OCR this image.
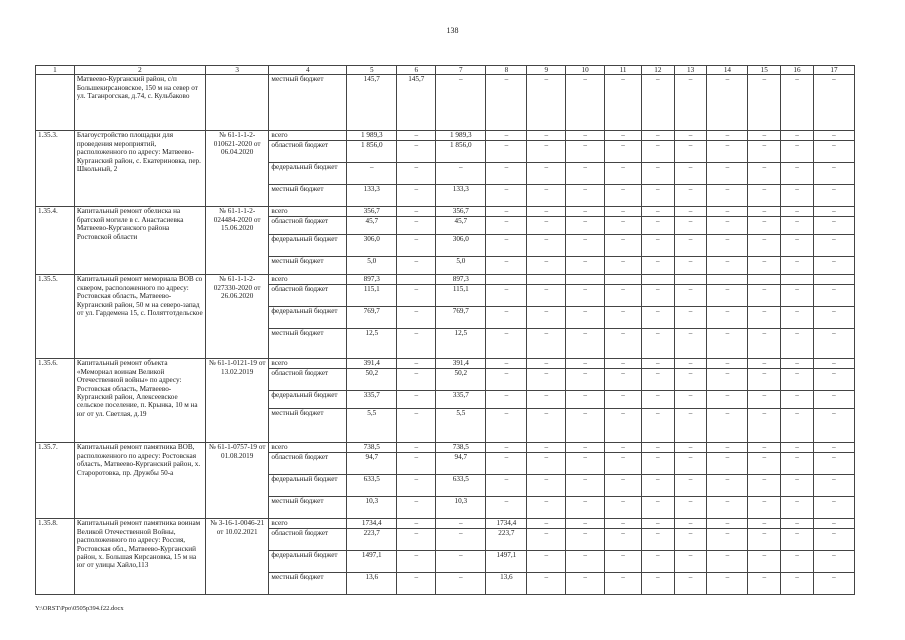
138
1	2	3	4	5	6	7	8	9	10	11	12	13	14	15	16	17
	Матвеево-Курганский район, с/п Большекирсановское, 150 м на север от ул. Таганрогская, д.74, с. Кульбаково		местный бюджет	145,7	145,7	–	–	–	–	–	–	–	–	–	–	–
1.35.3.	Благоустройство площадки для проведения мероприятий, расположенного по адресу: Матвеево-Курганский район, с. Екатериновка, пер. Школьный, 2	№ 61-1-1-2-010621-2020 от 06.04.2020	всего	1 989,3	–	1 989,3	–	–	–	–	–	–	–	–	–	–
			областной бюджет	1 856,0	–	1 856,0	–	–	–	–	–	–	–	–	–	–
			федеральный бюджет	–	–	–	–	–	–	–	–	–	–	–	–	–
			местный бюджет	133,3	–	133,3	–	–	–	–	–	–	–	–	–	–
1.35.4.	Капитальный ремонт обелиска на братской могиле в с. Анастасиевка Матвеево-Курганского района Ростовской области	№ 61-1-1-2-024484-2020 от 15.06.2020	всего	356,7	–	356,7	–	–	–	–	–	–	–	–	–	–
			областной бюджет	45,7	–	45,7	–	–	–	–	–	–	–	–	–	–
			федеральный бюджет	306,0	–	306,0	–	–	–	–	–	–	–	–	–	–
			местный бюджет	5,0	–	5,0	–	–	–	–	–	–	–	–	–	–
1.35.5.	Капитальный ремонт мемориала ВОВ со сквером, расположенного по адресу: Ростовская область, Матвеево-Курганский район, 50 м на северо-запад от ул. Гардемена 15, с. Поляттотдельское	№ 61-1-1-2-027330-2020 от 26.06.2020	всего	897,3		897,3										
			областной бюджет	115,1	–	115,1	–	–	–	–	–	–	–	–	–	–
			федеральный бюджет	769,7	–	769,7	–	–	–	–	–	–	–	–	–	–
			местный бюджет	12,5	–	12,5	–	–	–	–	–	–	–	–	–	–
1.35.6.	Капитальный ремонт объекта «Мемориал воинам Великой Отечественной войны» по адресу: Ростовская область, Матвеево-Курганский район, Алексеевское сельское поселение, п. Крынка, 10 м на юг от ул. Светлая, д.19	№ 61-1-0121-19 от 13.02.2019	всего	391,4	–	391,4	–	–	–	–	–	–	–	–	–	–
			областной бюджет	50,2	–	50,2	–	–	–	–	–	–	–	–	–	–
			федеральный бюджет	335,7	–	335,7	–	–	–	–	–	–	–	–	–	–
			местный бюджет	5,5	–	5,5	–	–	–	–	–	–	–	–	–	–
1.35.7.	Капитальный ремонт памятника ВОВ, расположенного по адресу: Ростовская область, Матвеево-Курганский район, х. Староротовка, пр. Дружбы 50-а	№ 61-1-0757-19 от 01.08.2019	всего	738,5	–	738,5	–	–	–	–	–	–	–	–	–	–
			областной бюджет	94,7	–	94,7	–	–	–	–	–	–	–	–	–	–
			федеральный бюджет	633,5	–	633,5	–	–	–	–	–	–	–	–	–	–
			местный бюджет	10,3	–	10,3	–	–	–	–	–	–	–	–	–	–
1.35.8.	Капитальный ремонт памятника воинам Великой Отечественной Войны, расположенного по адресу: Россия, Ростовская обл., Матвеево-Курганский район, х. Большая Кирсановка, 15 м на юг от улицы Хайло,113	№ 3-16-1-0046-21 от 10.02.2021	всего	1734,4	–	–	1734,4	–	–	–	–	–	–	–	–	–
			областной бюджет	223,7	–	–	223,7	–	–	–	–	–	–	–	–	–
			федеральный бюджет	1497,1	–	–	1497,1	–	–	–	–	–	–	–	–	–
			местный бюджет	13,6	–	–	13,6	–	–	–	–	–	–	–	–	–
Y:\ORST\Ppo\0505p394.f22.docx
